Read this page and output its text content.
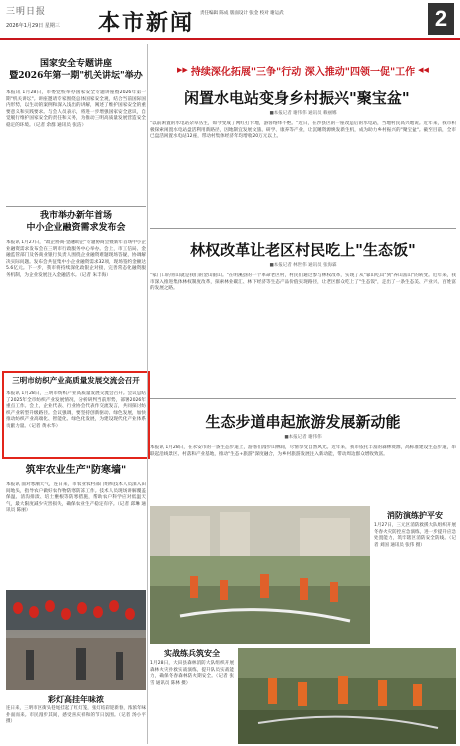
三明日报
2026年1月29日 星期三 本市新闻 责任编辑 陈成 版面设计 张金 校对 谢运武	2
国家安全专题讲座
暨2026年第一期"机关讲坛"举办
本报讯 1月28日，市委党校举办国家安全专题讲座暨2026年第一期"机关讲坛"。讲座邀请专家围绕总体国家安全观，结合当前国际国内形势，以生动的案例和深入浅出的讲解，阐述了维护国家安全的重要意义和实践要求。与会人员表示，将进一步增强国家安全意识，自觉履行维护国家安全的责任和义务，为推动三明高质量发展营造安全稳定的环境。（记者 余群 通讯员 张洁）
我市举办新年首场
中小企业融资需求发布会
本报讯 1月27日，"政企协商·金融助企"专题协商会暨新年首场中小企业融资需求发布会在三明市行政服务中心举办。会上，市工信局、金融监管部门及各商业银行负责人围绕企业融资难题现场答疑，协调解决实际问题。发布会共征集中小企业融资需求32项，现场签约金额达5.6亿元。下一步，我市将持续深化政银企对接，完善常态化融资服务机制，为企业发展注入金融活水。（记者 朱丰海）
三明市纺织产业高质量发展交流会召开
本报讯 1月28日，三明市纺织产业高质量发展交流会召开。会议总结了2025年全市纺织产业发展情况，分析研判当前形势，部署2026年重点工作。会上，企业代表、行业协会代表作交流发言，共同探讨纺织产业转型升级路径。会议强调，要坚持创新驱动、绿色发展，加快推动纺织产业高端化、智能化、绿色化发展，为建设现代化产业体系贡献力量。（记者 黄永华）
筑牢农业生产"防寒墙"
本报讯 面对寒潮天气，连日来，市农业农村部门组织技术人员深入田间地头，指导农户做好农作物防寒防冻工作。技术人员现场讲解覆盖保温、清沟排渍、培土壅根等防寒措施，帮助农户科学应对低温天气，最大限度减少灾害损失，确保农业生产稳定有序。（记者 邱琳 通讯员 陈丽）
彩灯高挂年味浓
连日来，三明市区街头巷尾挂起了红灯笼，张灯结彩迎新春，浓浓年味扑面而来。市民漫步其间，感受喜庆祥和的节日氛围。（记者 汤小平 摄）
▶▶ 持续深化拓展"三争"行动 深入推动"四领一促"工作 ◀◀
闲置水电站变身乡村振兴"聚宝盆"
■本报记者 谢伟伟 通讯员 赖丽娜
"以前闲置的水电站杂草丛生，如今变成了网红打卡地，游客络绎不绝。"近日，在沙县区的一座改造后的水电站，当地村民高兴地说。近年来，我市积极探索闲置水电站盘活利用新路径，因地制宜发展文旅、研学、康养等产业，让沉睡资源焕发新生机，成为助力乡村振兴的"聚宝盆"。截至目前，全市已盘活闲置水电站12座，带动村集体经济年均增收20万元以上。
林权改革让老区村民吃上"生态饭"
■本报记者 林世伟 通讯员 张海霖
"家门口的青山就是我们的金山银山。"在明溪县的一个革命老区村，村民们通过参与林权改革，实现了从"靠山吃山"到"养山富山"的转变。近年来，我市深入推进集体林权制度改革，探索林业碳汇、林下经济等生态产品价值实现路径，让老区群众吃上了"生态饭"，走出了一条生态美、产业兴、百姓富的发展之路。
生态步道串起旅游发展新动能
■本报记者 谢伟伟
本报讯 1月28日，在永安市的一条生态步道上，游客们漫步山林间，尽情享受自然风光。近年来，我市依托丰富的森林资源，高标准建设生态步道，串联起沿线景区、村落和产业基地，推动"生态+旅游"深度融合，为乡村旅游发展注入新动能，带动周边群众增收致富。
消防演练护平安
1月27日，三元区消防救援大队组织开展冬春火灾防控应急演练，进一步提升应急处置能力，筑牢辖区消防安全防线。（记者 刘国 通讯员 张伟 摄）
实战练兵筑安全
1月28日，大田县森林消防大队组织开展森林火灾扑救实战演练，提升队员实战能力，确保冬春森林防火期安全。（记者 张雪 通讯员 陈林 摄）
